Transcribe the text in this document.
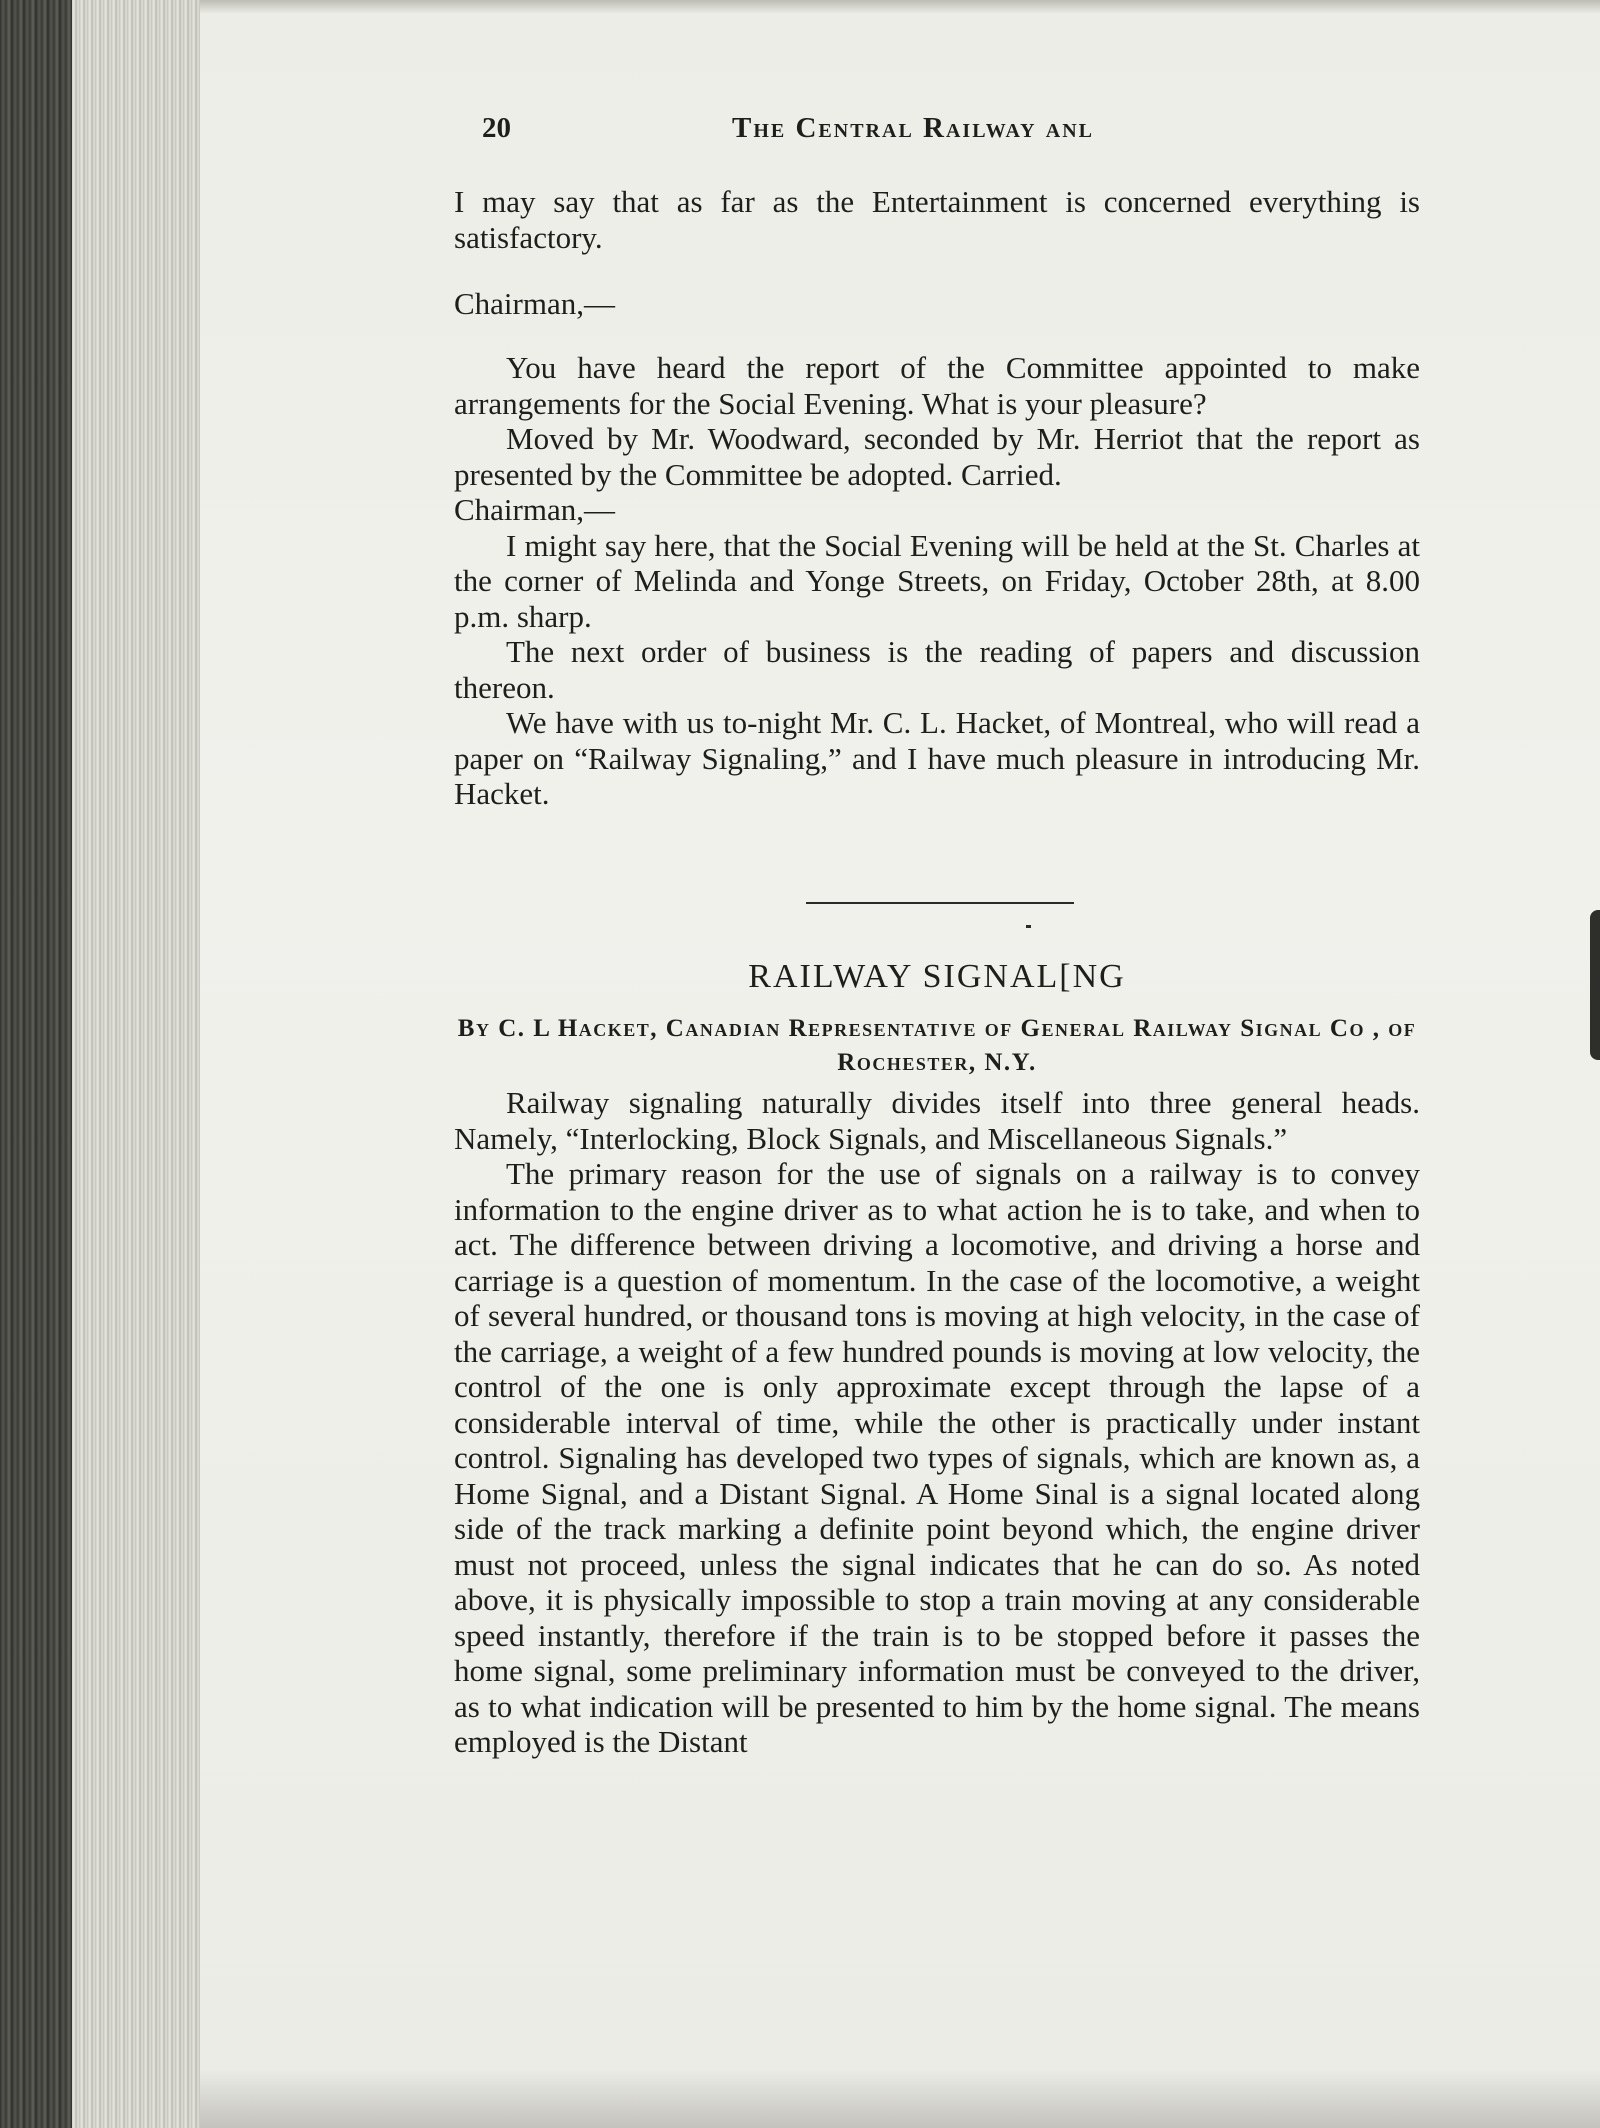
20	The Central Railway anl

I may say that as far as the Entertainment is concerned everything is satisfactory.

Chairman,—

You have heard the report of the Committee appointed to make arrangements for the Social Evening. What is your pleasure?

Moved by Mr. Woodward, seconded by Mr. Herriot that the report as presented by the Committee be adopted. Carried.

Chairman,—

I might say here, that the Social Evening will be held at the St. Charles at the corner of Melinda and Yonge Streets, on Friday, October 28th, at 8.00 p.m. sharp.

The next order of business is the reading of papers and discussion thereon.

We have with us to-night Mr. C. L. Hacket, of Montreal, who will read a paper on “Railway Signaling,” and I have much pleasure in introducing Mr. Hacket.

RAILWAY SIGNAL[NG
By C. L Hacket, Canadian Representative of General Railway Signal Co , of Rochester, N.Y.

Railway signaling naturally divides itself into three general heads. Namely, “Interlocking, Block Signals, and Miscellaneous Signals.”

The primary reason for the use of signals on a railway is to convey information to the engine driver as to what action he is to take, and when to act. The difference between driving a locomotive, and driving a horse and carriage is a question of momentum. In the case of the locomotive, a weight of several hundred, or thousand tons is moving at high velocity, in the case of the carriage, a weight of a few hundred pounds is moving at low velocity, the control of the one is only approximate except through the lapse of a considerable interval of time, while the other is practically under instant control. Signaling has developed two types of signals, which are known as, a Home Signal, and a Distant Signal. A Home Sinal is a signal located along side of the track marking a definite point beyond which, the engine driver must not proceed, unless the signal indicates that he can do so. As noted above, it is physically impossible to stop a train moving at any considerable speed instantly, therefore if the train is to be stopped before it passes the home signal, some preliminary information must be conveyed to the driver, as to what indication will be presented to him by the home signal. The means employed is the Distant
